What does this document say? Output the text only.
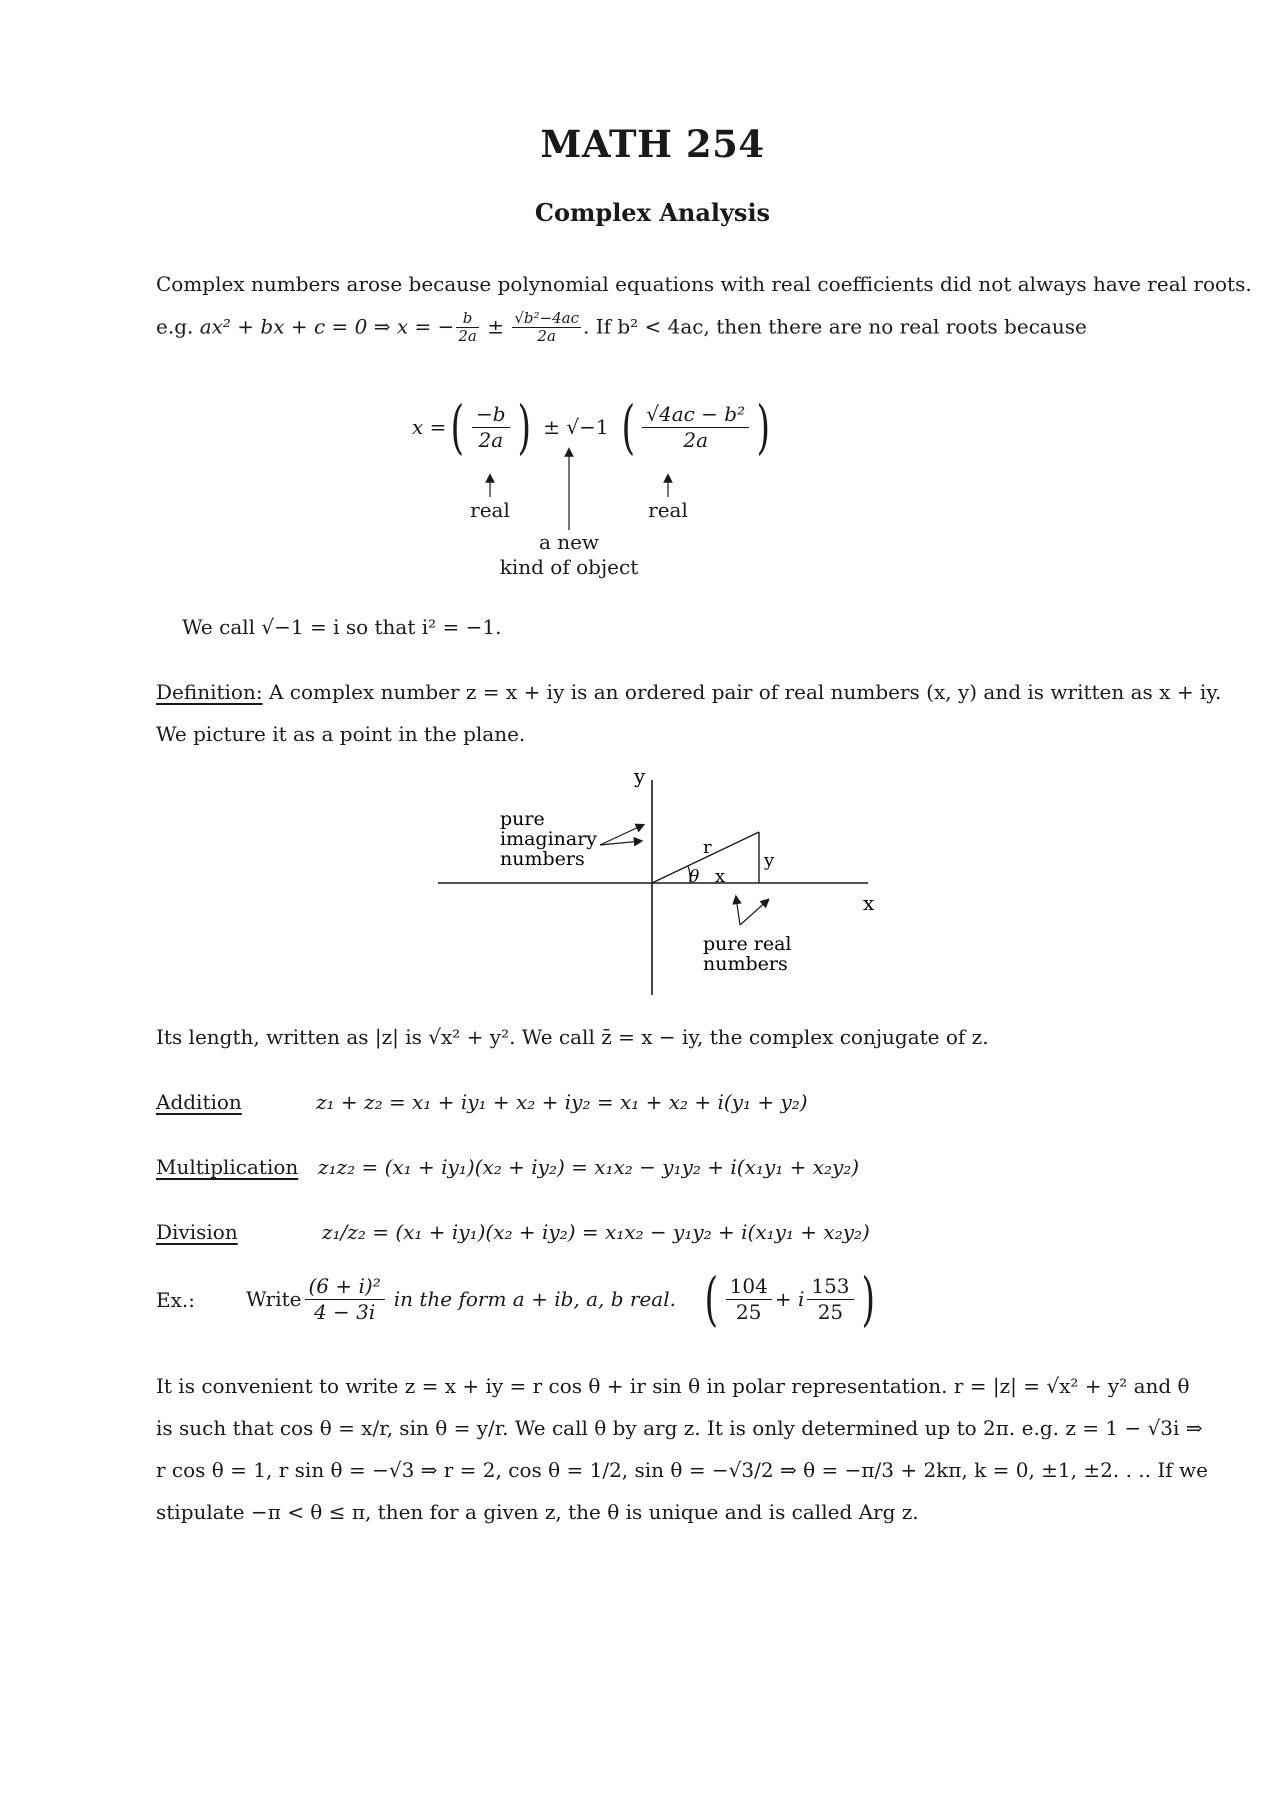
MATH 254
Complex Analysis
Complex numbers arose because polynomial equations with real coefficients did not always have real roots.
e.g. ax² + bx + c = 0 ⇒ x = − $\frac{b}{2a} \pm \frac{\text{√b²−4ac}}{2a}$ . If b² < 4ac, then there are no real roots because
x = ( −b
2a ) ± √−1 ( √4ac − b²
2a )
real	real
a new
kind of object
We call √−1 = i so that i² = −1.
Definition: A complex number z = x + iy is an ordered pair of real numbers (x, y) and is written as x + iy.
We picture it as a point in the plane.
y
x
r
y
θ x
pure
imaginary
numbers
pure real
numbers
Its length, written as |z| is √x² + y². We call z̄ = x − iy, the complex conjugate of z.
Addition	z₁ + z₂ = x₁ + iy₁ + x₂ + iy₂ = x₁ + x₂ + i(y₁ + y₂)
Multiplication z₁z₂ = (x₁ + iy₁)(x₂ + iy₂) = x₁x₂ − y₁y₂ + i(x₁y₁ + x₂y₂)
Division	z₁/z₂ = (x₁ + iy₁)(x₂ + iy₂) = x₁x₂ − y₁y₂ + i(x₁y₁ + x₂y₂)
Ex.:	Write
(6 + i)²
4 − 3i
in the form a + ib, a, b real. ( 104
25
+ i
153
25 )
It is convenient to write z = x + iy = r cos θ + ir sin θ in polar representation. r = |z| = √x² + y² and θ
is such that cos θ = x/r, sin θ = y/r. We call θ by arg z. It is only determined up to 2π. e.g. z = 1 − √3i ⇒
r cos θ = 1, r sin θ = −√3 ⇒ r = 2, cos θ = 1/2, sin θ = −√3/2 ⇒ θ = −π/3 + 2kπ, k = 0, ±1, ±2. . .. If we
stipulate −π < θ ≤ π, then for a given z, the θ is unique and is called Arg z.
